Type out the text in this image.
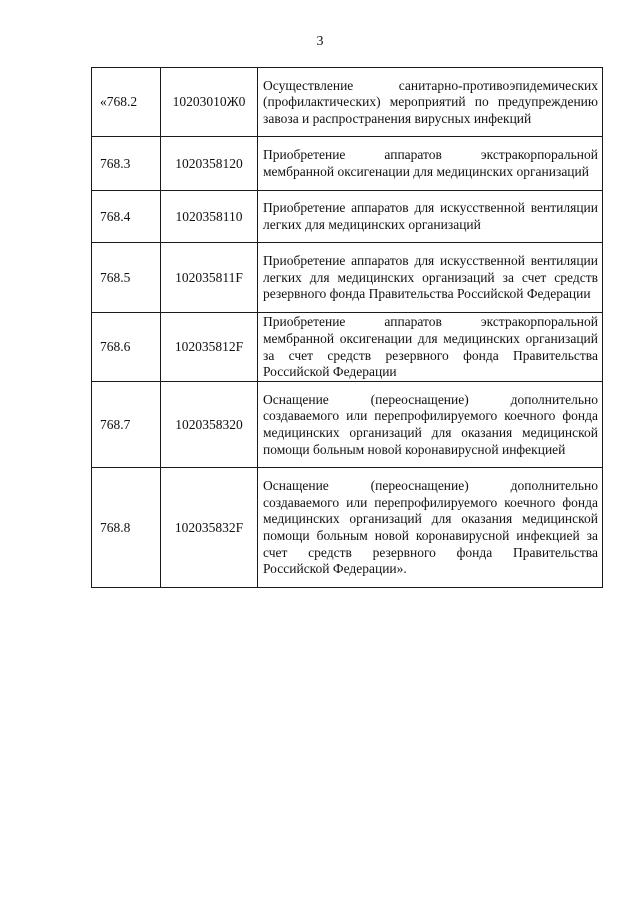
3
«768.2	10203010Ж0	Осуществление санитарно-противоэпидемических (профилактических) мероприятий по предупреждению завоза и распространения вирусных инфекций
768.3	1020358120	Приобретение аппаратов экстракорпоральной мембранной оксигенации для медицинских организаций
768.4	1020358110	Приобретение аппаратов для искусственной вентиляции легких для медицинских организаций
768.5	102035811F	Приобретение аппаратов для искусственной вентиляции легких для медицинских организаций за счет средств резервного фонда Правительства Российской Федерации
768.6	102035812F	Приобретение аппаратов экстракорпоральной мембранной оксигенации для медицинских организаций за счет средств резервного фонда Правительства Российской Федерации
768.7	1020358320	Оснащение (переоснащение) дополнительно создаваемого или перепрофилируемого коечного фонда медицинских организаций для оказания медицинской помощи больным новой коронавирусной инфекцией
768.8	102035832F	Оснащение (переоснащение) дополнительно создаваемого или перепрофилируемого коечного фонда медицинских организаций для оказания медицинской помощи больным новой коронавирусной инфекцией за счет средств резервного фонда Правительства Российской Федерации».
